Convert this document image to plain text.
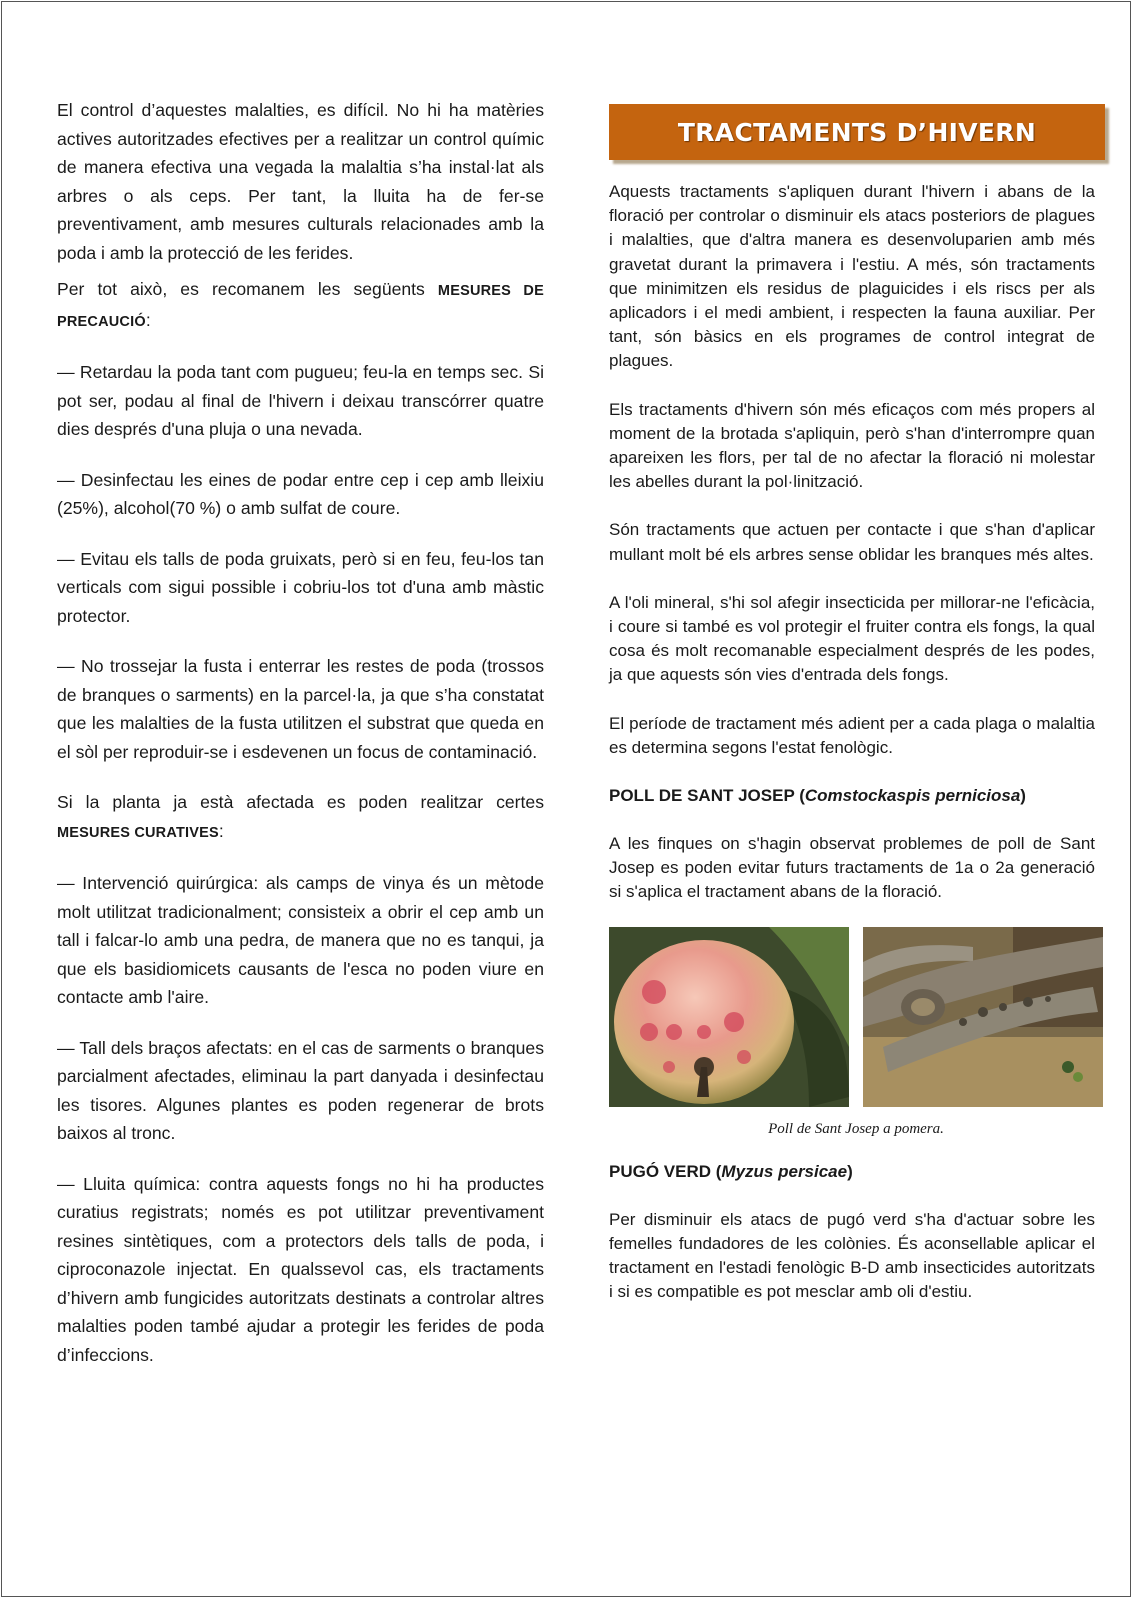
El control d’aquestes malalties, es difícil. No hi ha matèries actives autoritzades efectives per a realitzar un control químic de manera efectiva una vegada la malaltia s’ha instal·lat als arbres o als ceps. Per tant, la lluita ha de fer-se preventivament, amb mesures culturals relacionades amb la poda i amb la protecció de les ferides.

Per tot això, es recomanem les següents MESURES DE PRECAUCIÓ:

— Retardau la poda tant com pugueu; feu-la en temps sec. Si pot ser, podau al final de l'hivern i deixau transcórrer quatre dies després d'una pluja o una nevada.

— Desinfectau les eines de podar entre cep i cep amb lleixiu (25%), alcohol(70 %) o amb sulfat de coure.

— Evitau els talls de poda gruixats, però si en feu, feu-los tan verticals com sigui possible i cobriu-los tot d'una amb màstic protector.

— No trossejar la fusta i enterrar les restes de poda (trossos de branques o sarments) en la parcel·la, ja que s’ha constatat que les malalties de la fusta utilitzen el substrat que queda en el sòl per reproduir-se i esdevenen un focus de contaminació.

Si la planta ja està afectada es poden realitzar certes MESURES CURATIVES:

— Intervenció quirúrgica: als camps de vinya és un mètode molt utilitzat tradicionalment; consisteix a obrir el cep amb un tall i falcar-lo amb una pedra, de manera que no es tanqui, ja que els basidiomicets causants de l'esca no poden viure en contacte amb l'aire.

— Tall dels braços afectats: en el cas de sarments o branques parcialment afectades, eliminau la part danyada i desinfectau les tisores. Algunes plantes es poden regenerar de brots baixos al tronc.

— Lluita química: contra aquests fongs no hi ha productes curatius registrats; només es pot utilitzar preventivament resines sintètiques, com a protectors dels talls de poda, i ciproconazole injectat. En qualssevol cas, els tractaments d’hivern amb fungicides autoritzats destinats a controlar altres malalties poden també ajudar a protegir les ferides de poda d’infeccions.

TRACTAMENTS D’HIVERN

Aquests tractaments s'apliquen durant l'hivern i abans de la floració per controlar o disminuir els atacs posteriors de plagues i malalties, que d'altra manera es desenvoluparien amb més gravetat durant la primavera i l'estiu. A més, són tractaments que minimitzen els residus de plaguicides i els riscs per als aplicadors i el medi ambient, i respecten la fauna auxiliar. Per tant, són bàsics en els programes de control integrat de plagues.

Els tractaments d'hivern són més eficaços com més propers al moment de la brotada s'apliquin, però s'han d'interrompre quan apareixen les flors, per tal de no afectar la floració ni molestar les abelles durant la pol·linització.

Són tractaments que actuen per contacte i que s'han d'aplicar mullant molt bé els arbres sense oblidar les branques més altes.

A l'oli mineral, s'hi sol afegir insecticida per millorar-ne l'eficàcia, i coure si també es vol protegir el fruiter contra els fongs, la qual cosa és molt recomanable especialment després de les podes, ja que aquests són vies d'entrada dels fongs.

El període de tractament més adient per a cada plaga o malaltia es determina segons l'estat fenològic.

POLL DE SANT JOSEP (Comstockaspis perniciosa)

A les finques on s'hagin observat problemes de poll de Sant Josep es poden evitar futurs tractaments de 1a o 2a generació si s'aplica el tractament abans de la floració.

Poll de Sant Josep a pomera.
PUGÓ VERD (Myzus persicae)

Per disminuir els atacs de pugó verd s'ha d'actuar sobre les femelles fundadores de les colònies. És aconsellable aplicar el tractament en l'estadi fenològic B-D amb insecticides autoritzats i si es compatible es pot mesclar amb oli d'estiu.
